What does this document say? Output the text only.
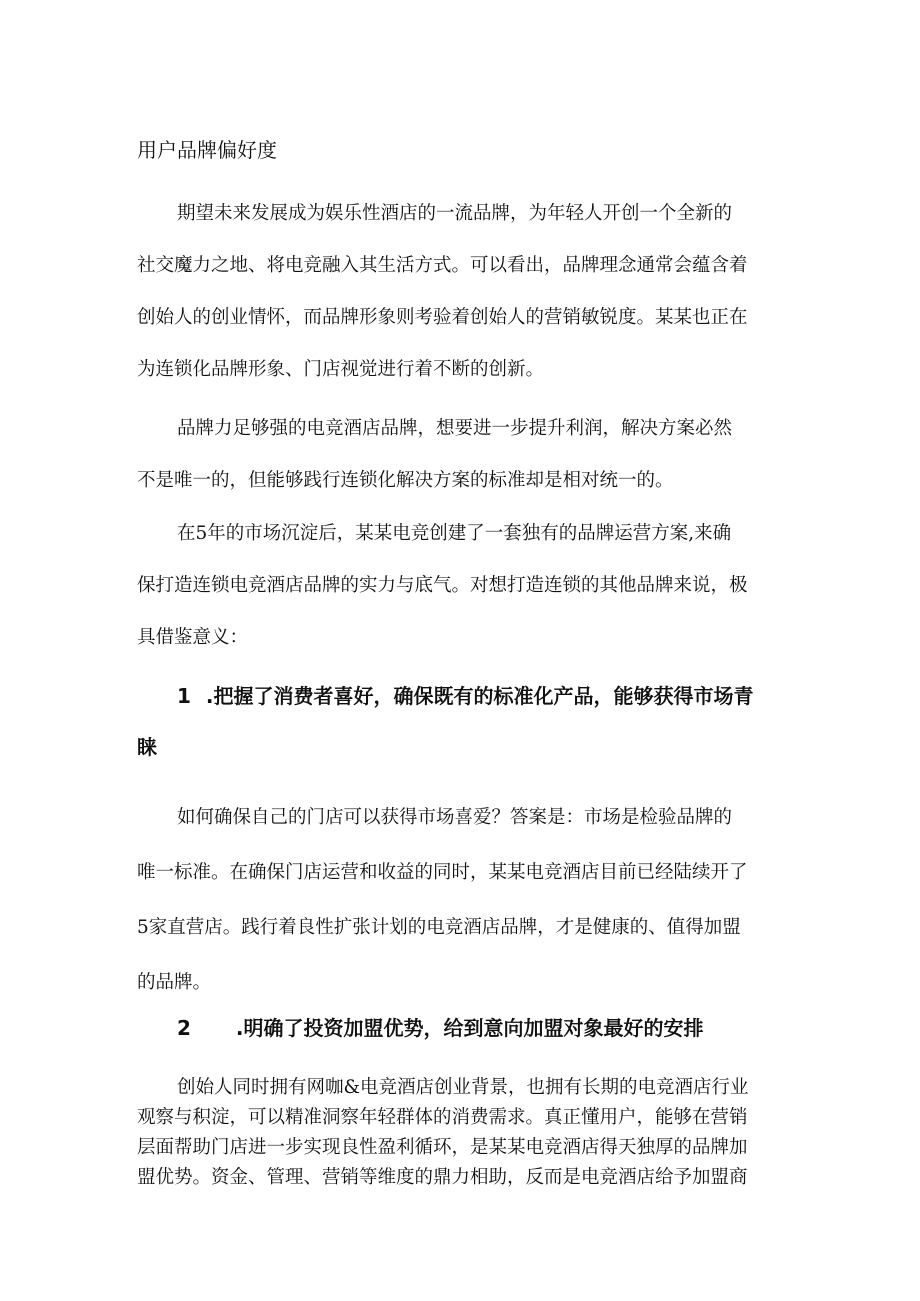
用户品牌偏好度
期望未来发展成为娱乐性酒店的一流品牌，为年轻人开创一个全新的
社交魔力之地、将电竞融入其生活方式。可以看出，品牌理念通常会蕴含着
创始人的创业情怀，而品牌形象则考验着创始人的营销敏锐度。某某也正在
为连锁化品牌形象、门店视觉进行着不断的创新。
品牌力足够强的电竞酒店品牌，想要进一步提升利润，解决方案必然
不是唯一的，但能够践行连锁化解决方案的标准却是相对统一的。
在5年的市场沉淀后，某某电竞创建了一套独有的品牌运营方案,来确
保打造连锁电竞酒店品牌的实力与底气。对想打造连锁的其他品牌来说，极
具借鉴意义：
1 .把握了消费者喜好，确保既有的标准化产品，能够获得市场青
睐
如何确保自己的门店可以获得市场喜爱？答案是：市场是检验品牌的
唯一标准。在确保门店运营和收益的同时，某某电竞酒店目前已经陆续开了
5家直营店。践行着良性扩张计划的电竞酒店品牌，才是健康的、值得加盟
的品牌。
2 .明确了投资加盟优势，给到意向加盟对象最好的安排
创始人同时拥有网咖&电竞酒店创业背景，也拥有长期的电竞酒店行业
观察与积淀，可以精准洞察年轻群体的消费需求。真正懂用户，能够在营销
层面帮助门店进一步实现良性盈利循环，是某某电竞酒店得天独厚的品牌加
盟优势。资金、管理、营销等维度的鼎力相助，反而是电竞酒店给予加盟商
